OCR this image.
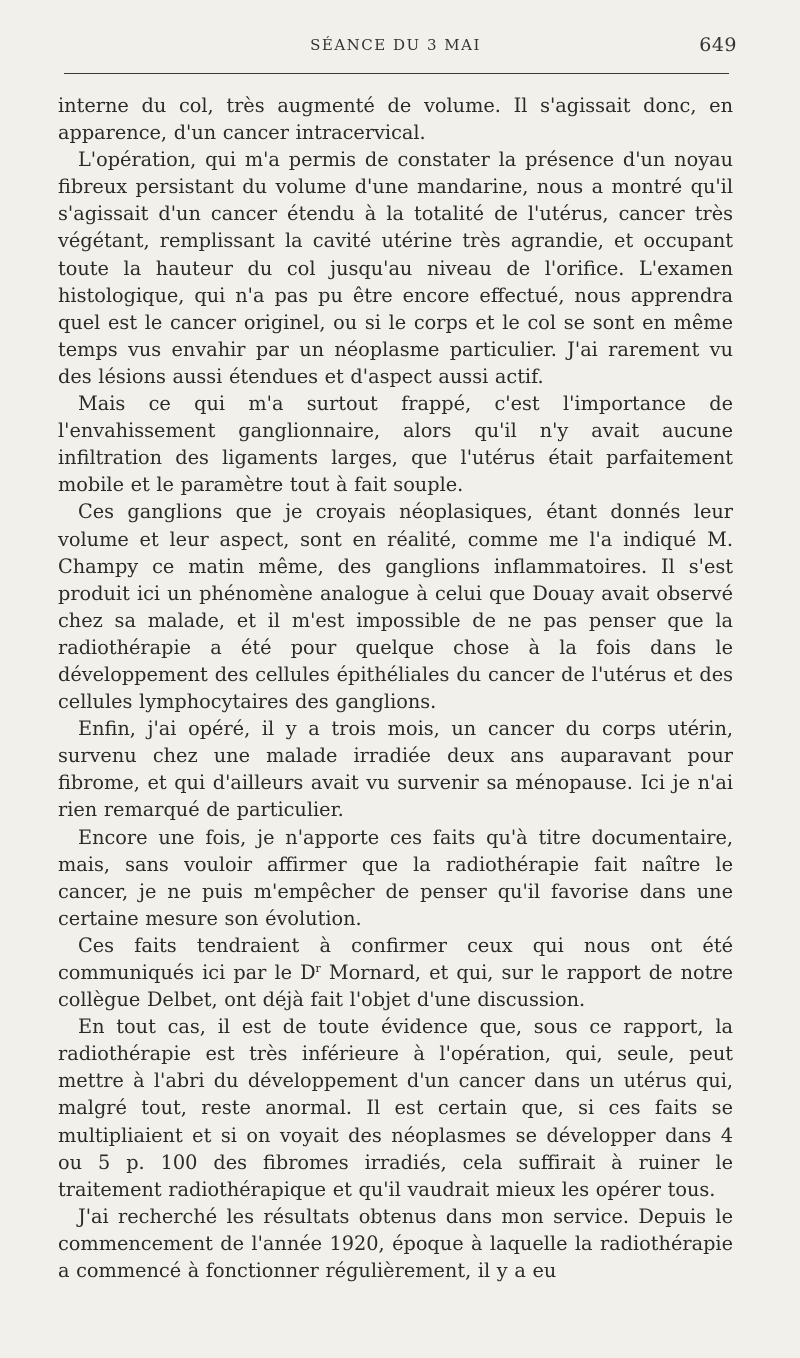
SÉANCE DU 3 MAI	649

interne du col, très augmenté de volume. Il s'agissait donc, en apparence, d'un cancer intracervical.

L'opération, qui m'a permis de constater la présence d'un noyau fibreux persistant du volume d'une mandarine, nous a montré qu'il s'agissait d'un cancer étendu à la totalité de l'utérus, cancer très végétant, remplissant la cavité utérine très agrandie, et occupant toute la hauteur du col jusqu'au niveau de l'orifice. L'examen histologique, qui n'a pas pu être encore effectué, nous apprendra quel est le cancer originel, ou si le corps et le col se sont en même temps vus envahir par un néoplasme particulier. J'ai rarement vu des lésions aussi étendues et d'aspect aussi actif.

Mais ce qui m'a surtout frappé, c'est l'importance de l'envahissement ganglionnaire, alors qu'il n'y avait aucune infiltration des ligaments larges, que l'utérus était parfaitement mobile et le paramètre tout à fait souple.

Ces ganglions que je croyais néoplasiques, étant donnés leur volume et leur aspect, sont en réalité, comme me l'a indiqué M. Champy ce matin même, des ganglions inflammatoires. Il s'est produit ici un phénomène analogue à celui que Douay avait observé chez sa malade, et il m'est impossible de ne pas penser que la radiothérapie a été pour quelque chose à la fois dans le développement des cellules épithéliales du cancer de l'utérus et des cellules lymphocytaires des ganglions.

Enfin, j'ai opéré, il y a trois mois, un cancer du corps utérin, survenu chez une malade irradiée deux ans auparavant pour fibrome, et qui d'ailleurs avait vu survenir sa ménopause. Ici je n'ai rien remarqué de particulier.

Encore une fois, je n'apporte ces faits qu'à titre documentaire, mais, sans vouloir affirmer que la radiothérapie fait naître le cancer, je ne puis m'empêcher de penser qu'il favorise dans une certaine mesure son évolution.

Ces faits tendraient à confirmer ceux qui nous ont été communiqués ici par le $D^r$ Mornard, et qui, sur le rapport de notre collègue Delbet, ont déjà fait l'objet d'une discussion.

En tout cas, il est de toute évidence que, sous ce rapport, la radiothérapie est très inférieure à l'opération, qui, seule, peut mettre à l'abri du développement d'un cancer dans un utérus qui, malgré tout, reste anormal. Il est certain que, si ces faits se multipliaient et si on voyait des néoplasmes se développer dans 4 ou 5 p. 100 des fibromes irradiés, cela suffirait à ruiner le traitement radiothérapique et qu'il vaudrait mieux les opérer tous.

J'ai recherché les résultats obtenus dans mon service. Depuis le commencement de l'année 1920, époque à laquelle la radiothérapie a commencé à fonctionner régulièrement, il y a eu
